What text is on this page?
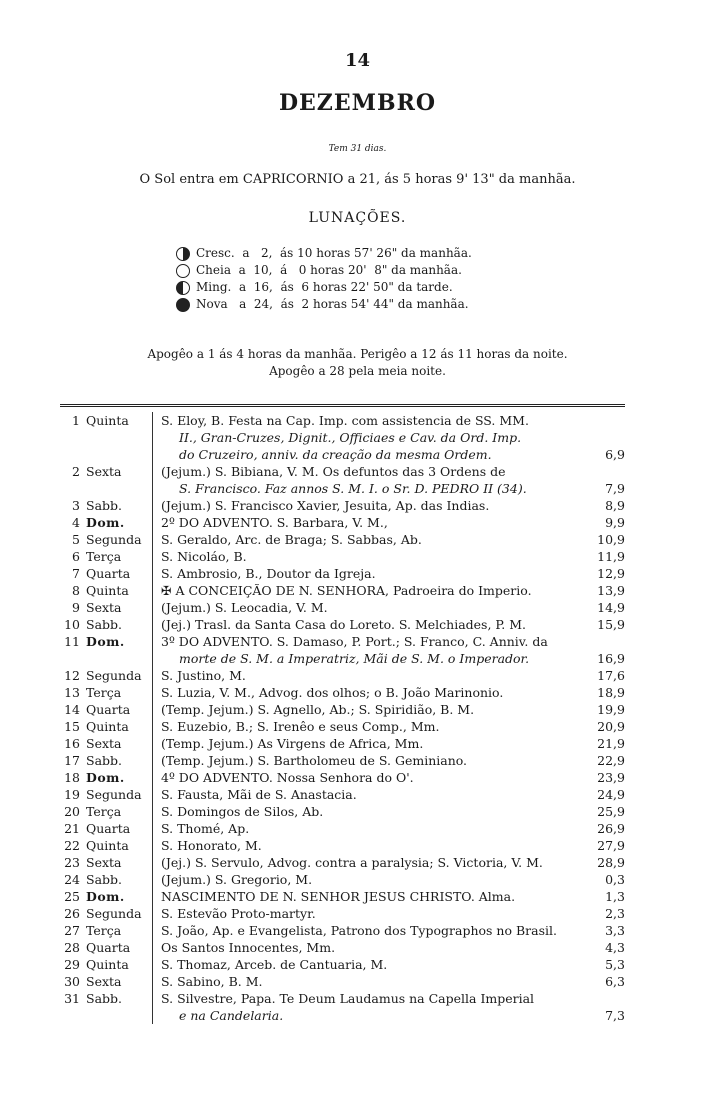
14
DEZEMBRO
Tem 31 dias.
O Sol entra em CAPRICORNIO a 21, ás 5 horas 9' 13" da manhãa.
LUNAÇÕES.
Cresc.  a   2,  ás 10 horas 57' 26" da manhãa.
Cheia  a  10,  á   0 horas 20'  8" da manhãa.
Ming.  a  16,  ás  6 horas 22' 50" da tarde.
Nova   a  24,  ás  2 horas 54' 44" da manhãa.
Apogêo a 1 ás 4 horas da manhãa. Perigêo a 12 ás 11 horas da noite.
Apogêo a 28 pela meia noite.
1 Quinta	S. Eloy, B. Festa na Cap. Imp. com assistencia de SS. MM.
II., Gran-Cruzes, Dignit., Officiaes e Cav. da Ord. Imp.
do Cruzeiro, anniv. da creação da mesma Ordem.	6,9
2 Sexta	(Jejum.) S. Bibiana, V. M. Os defuntos das 3 Ordens de
S. Francisco. Faz annos S. M. I. o Sr. D. PEDRO II (34).	7,9
3 Sabb.	(Jejum.) S. Francisco Xavier, Jesuita, Ap. das Indias.	8,9
4 Dom.	2º DO ADVENTO. S. Barbara, V. M.,	9,9
5 Segunda	S. Geraldo, Arc. de Braga; S. Sabbas, Ab.	10,9
6 Terça	S. Nicoláo, B.	11,9
7 Quarta	S. Ambrosio, B., Doutor da Igreja.	12,9
8 Quinta	✠ A CONCEIÇÃO DE N. SENHORA, Padroeira do Imperio.	13,9
9 Sexta	(Jejum.) S. Leocadia, V. M.	14,9
10 Sabb.	(Jej.) Trasl. da Santa Casa do Loreto. S. Melchiades, P. M.	15,9
11 Dom.	3º DO ADVENTO. S. Damaso, P. Port.; S. Franco, C. Anniv. da
morte de S. M. a Imperatriz, Mãi de S. M. o Imperador.	16,9
12 Segunda	S. Justino, M.	17,6
13 Terça	S. Luzia, V. M., Advog. dos olhos; o B. João Marinonio.	18,9
14 Quarta	(Temp. Jejum.) S. Agnello, Ab.; S. Spiridião, B. M.	19,9
15 Quinta	S. Euzebio, B.; S. Irenêo e seus Comp., Mm.	20,9
16 Sexta	(Temp. Jejum.) As Virgens de Africa, Mm.	21,9
17 Sabb.	(Temp. Jejum.) S. Bartholomeu de S. Geminiano.	22,9
18 Dom.	4º DO ADVENTO. Nossa Senhora do O'.	23,9
19 Segunda	S. Fausta, Mãi de S. Anastacia.	24,9
20 Terça	S. Domingos de Silos, Ab.	25,9
21 Quarta	S. Thomé, Ap.	26,9
22 Quinta	S. Honorato, M.	27,9
23 Sexta	(Jej.) S. Servulo, Advog. contra a paralysia; S. Victoria, V. M.	28,9
24 Sabb.	(Jejum.) S. Gregorio, M.	0,3
25 Dom.	NASCIMENTO DE N. SENHOR JESUS CHRISTO. Alma.	1,3
26 Segunda	S. Estevão Proto-martyr.	2,3
27 Terça	S. João, Ap. e Evangelista, Patrono dos Typographos no Brasil.	3,3
28 Quarta	Os Santos Innocentes, Mm.	4,3
29 Quinta	S. Thomaz, Arceb. de Cantuaria, M.	5,3
30 Sexta	S. Sabino, B. M.	6,3
31 Sabb.	S. Silvestre, Papa. Te Deum Laudamus na Capella Imperial
e na Candelaria.	7,3
